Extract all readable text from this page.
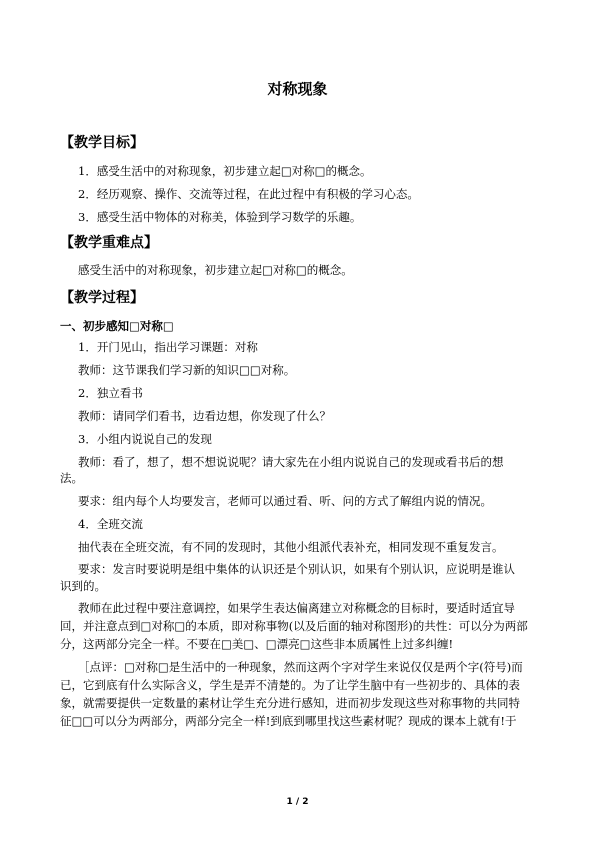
对称现象
【教学目标】
1．感受生活中的对称现象，初步建立起□对称□的概念。
2．经历观察、操作、交流等过程，在此过程中有积极的学习心态。
3．感受生活中物体的对称美，体验到学习数学的乐趣。
【教学重难点】
感受生活中的对称现象，初步建立起□对称□的概念。
【教学过程】
一、初步感知□对称□
1．开门见山，指出学习课题：对称
教师：这节课我们学习新的知识□□对称。
2．独立看书
教师：请同学们看书，边看边想，你发现了什么？
3．小组内说说自己的发现
教师：看了，想了，想不想说说呢？请大家先在小组内说说自己的发现或看书后的想
法。
要求：组内每个人均要发言，老师可以通过看、听、问的方式了解组内说的情况。
4．全班交流
抽代表在全班交流，有不同的发现时，其他小组派代表补充，相同发现不重复发言。
要求：发言时要说明是组中集体的认识还是个别认识，如果有个别认识，应说明是谁认
识到的。
教师在此过程中要注意调控，如果学生表达偏离建立对称概念的目标时，要适时适宜导
回，并注意点到□对称□的本质，即对称事物(以及后面的轴对称图形)的共性：可以分为两部
分，这两部分完全一样。不要在□美□、□漂亮□这些非本质属性上过多纠缠!
［点评：□对称□是生活中的一种现象，然而这两个字对学生来说仅仅是两个字(符号)而
已，它到底有什么实际含义，学生是弄不清楚的。为了让学生脑中有一些初步的、具体的表
象，就需要提供一定数量的素材让学生充分进行感知，进而初步发现这些对称事物的共同特
征□□可以分为两部分，两部分完全一样!到底到哪里找这些素材呢？现成的课本上就有!于
1 / 2
